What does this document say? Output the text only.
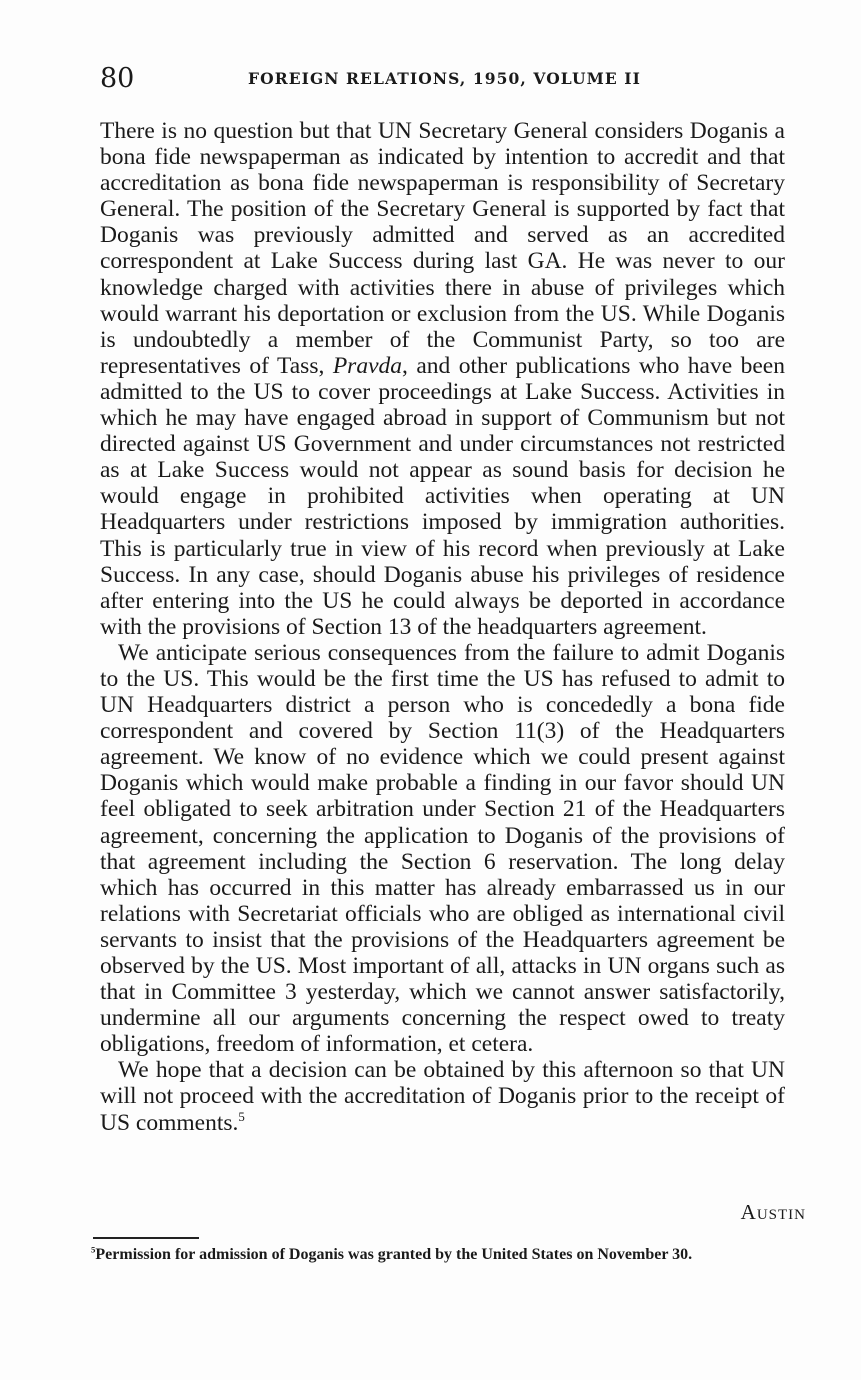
80	FOREIGN RELATIONS, 1950, VOLUME II

There is no question but that UN Secretary General considers Doganis a bona fide newspaperman as indicated by intention to accredit and that accreditation as bona fide newspaperman is responsibility of Secretary General. The position of the Secretary General is supported by fact that Doganis was previously admitted and served as an accredited correspondent at Lake Success during last GA. He was never to our knowledge charged with activities there in abuse of privileges which would warrant his deportation or exclusion from the US. While Doganis is undoubtedly a member of the Communist Party, so too are representatives of Tass, Pravda, and other publications who have been admitted to the US to cover proceedings at Lake Success. Activities in which he may have engaged abroad in support of Communism but not directed against US Government and under circumstances not restricted as at Lake Success would not appear as sound basis for decision he would engage in prohibited activities when operating at UN Headquarters under restrictions imposed by immigration authorities. This is particularly true in view of his record when previously at Lake Success. In any case, should Doganis abuse his privileges of residence after entering into the US he could always be deported in accordance with the provisions of Section 13 of the headquarters agreement.

We anticipate serious consequences from the failure to admit Doganis to the US. This would be the first time the US has refused to admit to UN Headquarters district a person who is concededly a bona fide correspondent and covered by Section 11(3) of the Headquarters agreement. We know of no evidence which we could present against Doganis which would make probable a finding in our favor should UN feel obligated to seek arbitration under Section 21 of the Headquarters agreement, concerning the application to Doganis of the provisions of that agreement including the Section 6 reservation. The long delay which has occurred in this matter has already embarrassed us in our relations with Secretariat officials who are obliged as international civil servants to insist that the provisions of the Headquarters agreement be observed by the US. Most important of all, attacks in UN organs such as that in Committee 3 yesterday, which we cannot answer satisfactorily, undermine all our arguments concerning the respect owed to treaty obligations, freedom of information, et cetera.

We hope that a decision can be obtained by this afternoon so that UN will not proceed with the accreditation of Doganis prior to the receipt of US comments.$^5$

Austin
$^5$Permission for admission of Doganis was granted by the United States on November 30.
